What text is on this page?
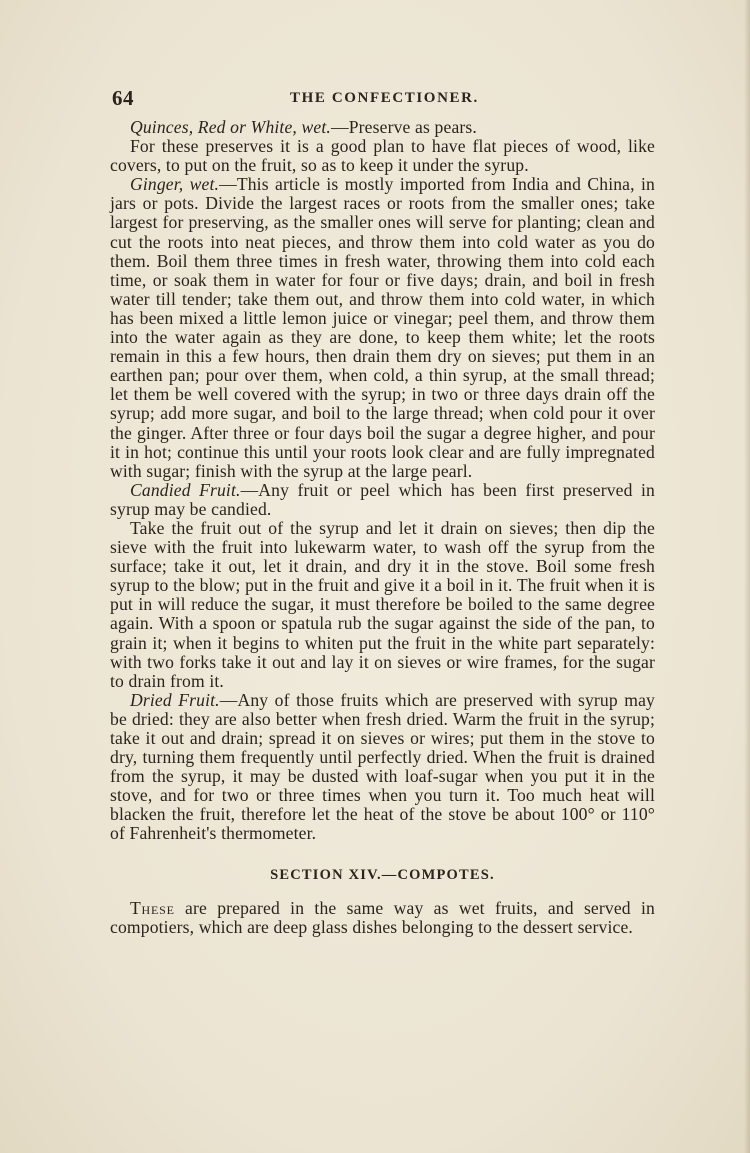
64	THE CONFECTIONER.

Quinces, Red or White, wet.—Preserve as pears.

For these preserves it is a good plan to have flat pieces of wood, like covers, to put on the fruit, so as to keep it under the syrup.

Ginger, wet.—This article is mostly imported from India and China, in jars or pots. Divide the largest races or roots from the smaller ones; take largest for preserving, as the smaller ones will serve for planting; clean and cut the roots into neat pieces, and throw them into cold water as you do them. Boil them three times in fresh water, throwing them into cold each time, or soak them in water for four or five days; drain, and boil in fresh water till tender; take them out, and throw them into cold water, in which has been mixed a little lemon juice or vinegar; peel them, and throw them into the water again as they are done, to keep them white; let the roots remain in this a few hours, then drain them dry on sieves; put them in an earthen pan; pour over them, when cold, a thin syrup, at the small thread; let them be well covered with the syrup; in two or three days drain off the syrup; add more sugar, and boil to the large thread; when cold pour it over the ginger. After three or four days boil the sugar a degree higher, and pour it in hot; continue this until your roots look clear and are fully impregnated with sugar; finish with the syrup at the large pearl.

Candied Fruit.—Any fruit or peel which has been first preserved in syrup may be candied.

Take the fruit out of the syrup and let it drain on sieves; then dip the sieve with the fruit into lukewarm water, to wash off the syrup from the surface; take it out, let it drain, and dry it in the stove. Boil some fresh syrup to the blow; put in the fruit and give it a boil in it. The fruit when it is put in will reduce the sugar, it must therefore be boiled to the same degree again. With a spoon or spatula rub the sugar against the side of the pan, to grain it; when it begins to whiten put the fruit in the white part separately: with two forks take it out and lay it on sieves or wire frames, for the sugar to drain from it.

Dried Fruit.—Any of those fruits which are preserved with syrup may be dried: they are also better when fresh dried. Warm the fruit in the syrup; take it out and drain; spread it on sieves or wires; put them in the stove to dry, turning them frequently until perfectly dried. When the fruit is drained from the syrup, it may be dusted with loaf-sugar when you put it in the stove, and for two or three times when you turn it. Too much heat will blacken the fruit, therefore let the heat of the stove be about 100° or 110° of Fahrenheit's thermometer.

SECTION XIV.—COMPOTES.

These are prepared in the same way as wet fruits, and served in compotiers, which are deep glass dishes belonging to the dessert service.
